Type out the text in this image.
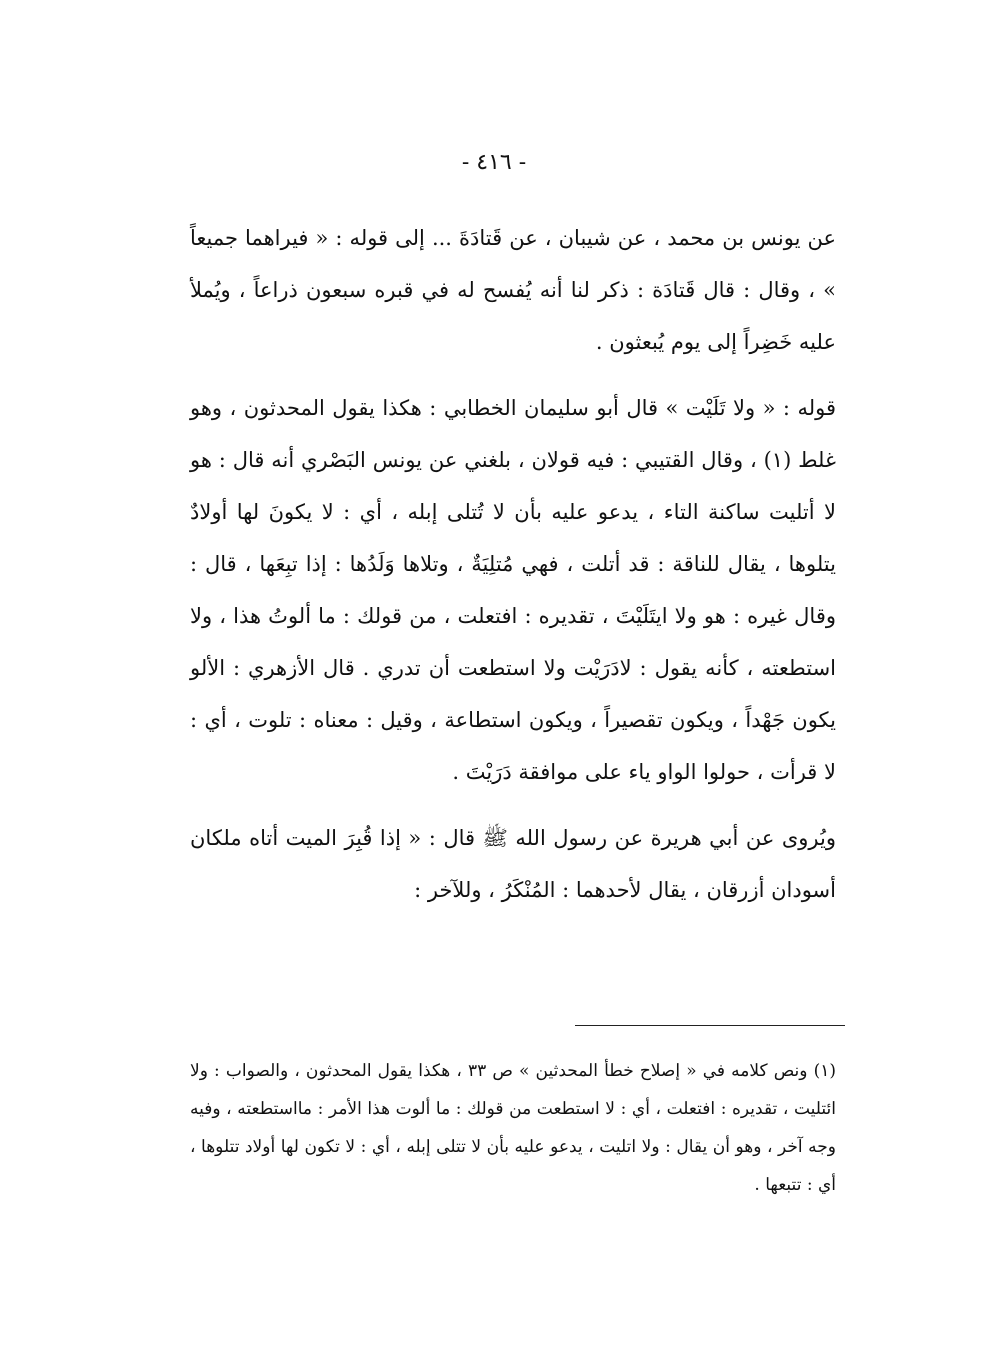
- ٤١٦ -

عن يونس بن محمد ، عن شيبان ، عن قَتادَةَ ... إلى قوله : « فيراهما جميعاً » ، وقال : قال قَتادَة : ذكر لنا أنه يُفسح له في قبره سبعون ذراعاً ، ويُملأ عليه خَضِراً إلى يوم يُبعثون .

قوله : « ولا تَلَيْت » قال أبو سليمان الخطابي : هكذا يقول المحدثون ، وهو غلط (١) ، وقال القتيبي : فيه قولان ، بلغني عن يونس البَصْري أنه قال : هو لا أتليت ساكنة التاء ، يدعو عليه بأن لا تُتلى إبله ، أي : لا يكونَ لها أولادٌ يتلوها ، يقال للناقة : قد أتلت ، فهي مُتلِيَةٌ ، وتلاها وَلَدُها : إذا تبِعَها ، قال : وقال غيره : هو ولا ايتَلَيْتَ ، تقديره : افتعلت ، من قولك : ما ألوتُ هذا ، ولا استطعته ، كأنه يقول : لادَرَيْت ولا استطعت أن تدري . قال الأزهري : الألو يكون جَهْداً ، ويكون تقصيراً ، ويكون استطاعة ، وقيل : معناه : تلوت ، أي : لا قرأت ، حولوا الواو ياء على موافقة دَرَيْتَ .

ويُروى عن أبي هريرة عن رسول الله ﷺ قال : « إذا قُبِرَ الميت أتاه ملكان أسودان أزرقان ، يقال لأحدهما : المُنْكَرُ ، وللآخر :

(١) ونص كلامه في « إصلاح خطأ المحدثين » ص ٣٣ ، هكذا يقول المحدثون ، والصواب : ولا ائتليت ، تقديره : افتعلت ، أي : لا استطعت من قولك : ما ألوت هذا الأمر : مااستطعته ، وفيه وجه آخر ، وهو أن يقال : ولا اتليت ، يدعو عليه بأن لا تتلى إبله ، أي : لا تكون لها أولاد تتلوها ، أي : تتبعها .
